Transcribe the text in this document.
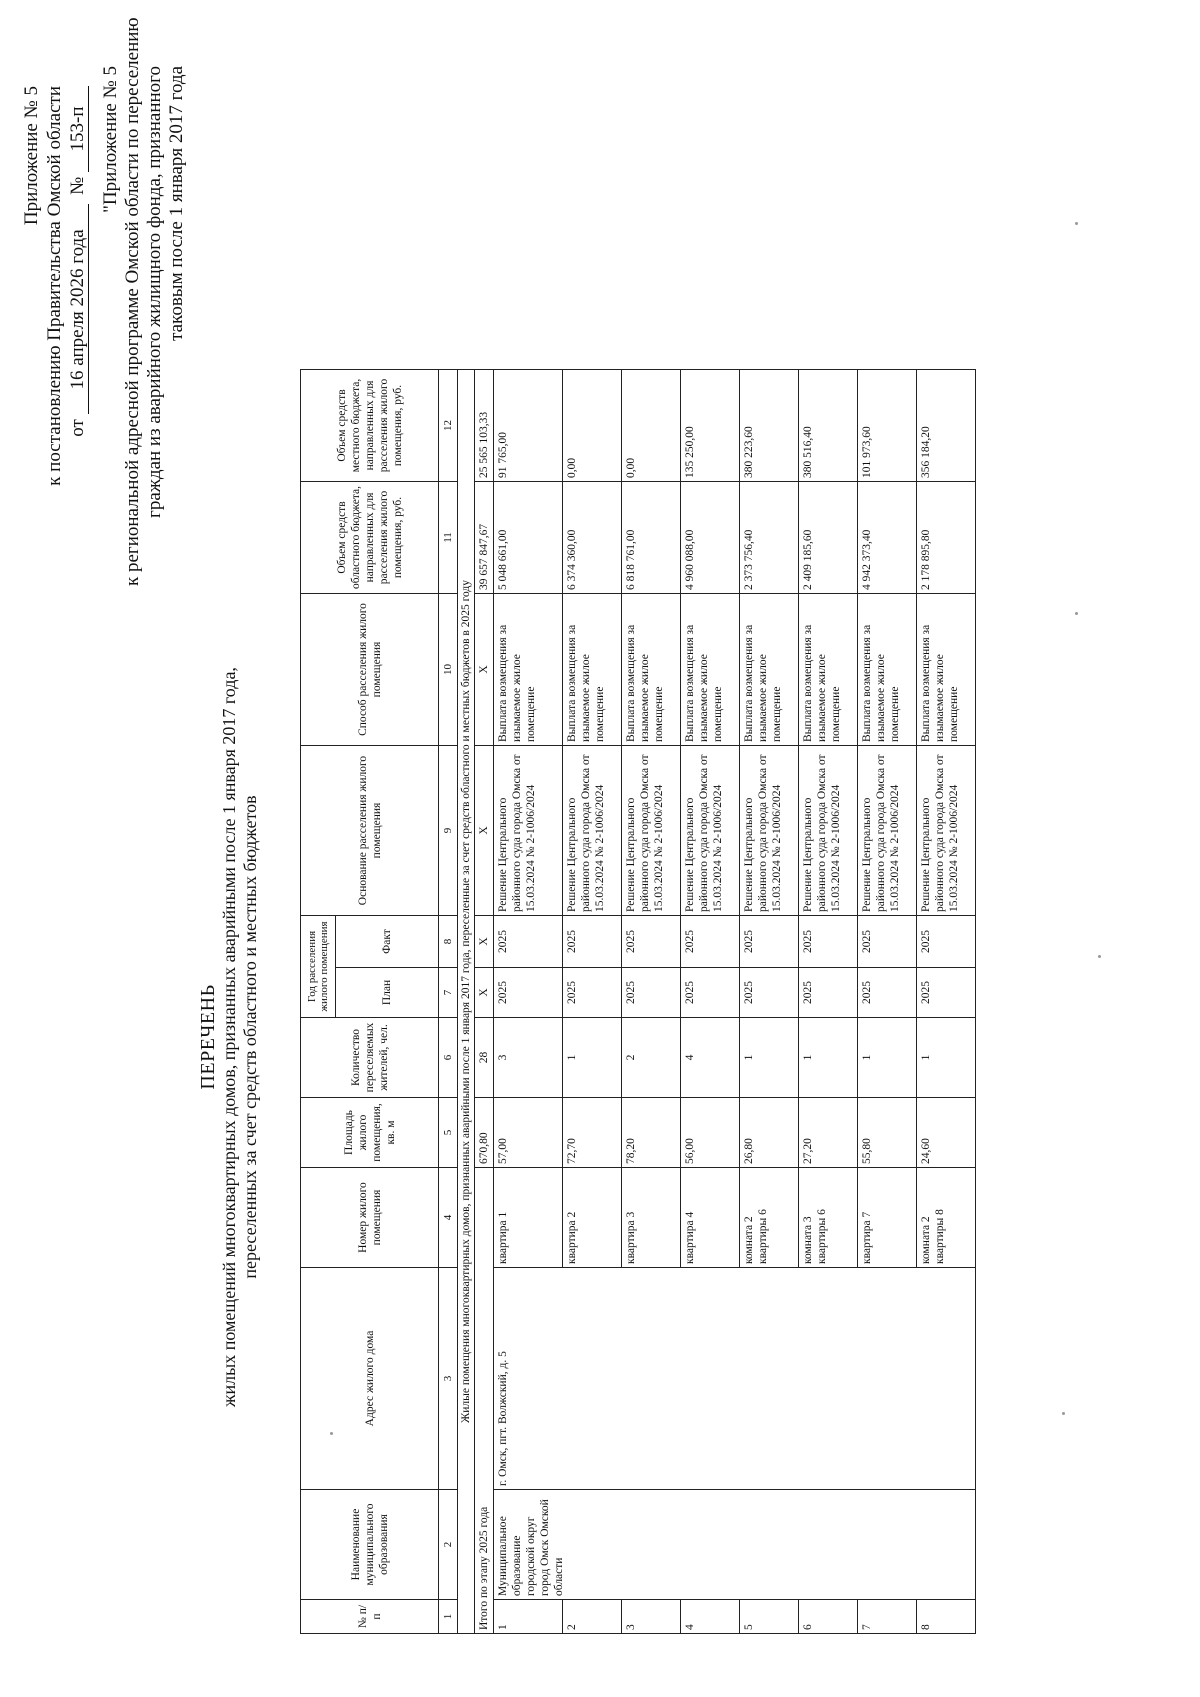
Приложение № 5 к постановлению Правительства Омской области от 16 апреля 2026 года  № 153-п "Приложение № 5 к региональной адресной программе Омской области по переселению граждан из аварийного жилищного фонда, признанного таковым после 1 января 2017 года
ПЕРЕЧЕНЬ жилых помещений многоквартирных домов, признанных аварийными после 1 января 2017 года, переселенных за счет средств областного и местных бюджетов
№ п/п	Наименование муниципального образования	Адрес жилого дома	Номер жилого помещения	Площадь жилого помещения, кв. м	Количество переселяемых жителей, чел.	Год расселения жилого помещения		Основание расселения жилого помещения	Способ расселения жилого помещения	Объем средств областного бюджета, направленных для расселения жилого помещения, руб.	Объем средств местного бюджета, направленных для расселения жилого помещения, руб.
						План	Факт				
1	2	3	4	5	6	7	8	9	10	11	12
Жилые помещения многоквартирных домов, признанных аварийными после 1 января 2017 года, переселенные за счет средств областного и местных бюджетов в 2025 году											
Итого по этапу 2025 года				670,80	28	X	X	X	X	39 657 847,67	25 565 103,33
1	Муниципальное образование городской округ город Омск Омской области	г. Омск, пгт. Волжский, д. 5	квартира 1	57,00	3	2025	2025	Решение Центрального районного суда города Омска от 15.03.2024 № 2-1006/2024	Выплата возмещения за изымаемое жилое помещение	5 048 661,00	91 765,00
2			квартира 2	72,70	1	2025	2025	Решение Центрального районного суда города Омска от 15.03.2024 № 2-1006/2024	Выплата возмещения за изымаемое жилое помещение	6 374 360,00	0,00
3			квартира 3	78,20	2	2025	2025	Решение Центрального районного суда города Омска от 15.03.2024 № 2-1006/2024	Выплата возмещения за изымаемое жилое помещение	6 818 761,00	0,00
4			квартира 4	56,00	4	2025	2025	Решение Центрального районного суда города Омска от 15.03.2024 № 2-1006/2024	Выплата возмещения за изымаемое жилое помещение	4 960 088,00	135 250,00
5			комната 2 квартиры 6	26,80	1	2025	2025	Решение Центрального районного суда города Омска от 15.03.2024 № 2-1006/2024	Выплата возмещения за изымаемое жилое помещение	2 373 756,40	380 223,60
6			комната 3 квартиры 6	27,20	1	2025	2025	Решение Центрального районного суда города Омска от 15.03.2024 № 2-1006/2024	Выплата возмещения за изымаемое жилое помещение	2 409 185,60	380 516,40
7			квартира 7	55,80	1	2025	2025	Решение Центрального районного суда города Омска от 15.03.2024 № 2-1006/2024	Выплата возмещения за изымаемое жилое помещение	4 942 373,40	101 973,60
8			комната 2 квартиры 8	24,60	1	2025	2025	Решение Центрального районного суда города Омска от 15.03.2024 № 2-1006/2024	Выплата возмещения за изымаемое жилое помещение	2 178 895,80	356 184,20
